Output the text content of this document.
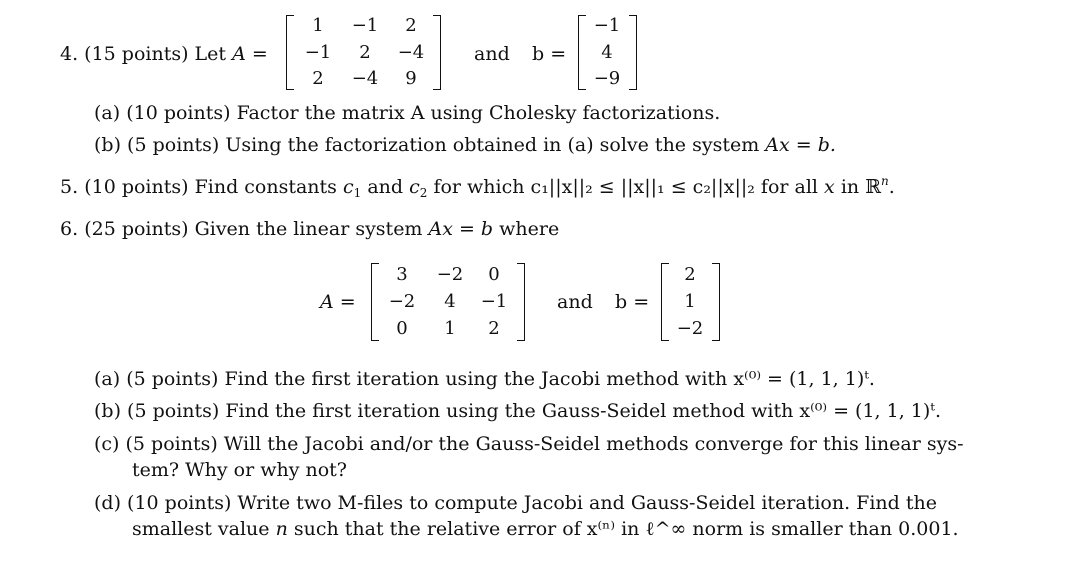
4. (15 points) Let A =
1	−1	2
−1	2	−4
2	−4	9
and b =
−1
4
−9
(a) (10 points) Factor the matrix A using Cholesky factorizations.
(b) (5 points) Using the factorization obtained in (a) solve the system Ax = b.
5. (10 points) Find constants $c_1$ and $c_2$ for which c₁||x||₂ ≤ ||x||₁ ≤ c₂||x||₂ for all x in ℝ$^n$.
6. (25 points) Given the linear system Ax = b where
A =
3	−2	0
−2	4	−1
0	1	2
and b =
2
1
−2
(a) (5 points) Find the first iteration using the Jacobi method with x⁽⁰⁾ = (1, 1, 1)ᵗ.
(b) (5 points) Find the first iteration using the Gauss-Seidel method with x⁽⁰⁾ = (1, 1, 1)ᵗ.
(c) (5 points) Will the Jacobi and/or the Gauss-Seidel methods converge for this linear sys-
tem? Why or why not?
(d) (10 points) Write two M-files to compute Jacobi and Gauss-Seidel iteration. Find the
smallest value n such that the relative error of x⁽ⁿ⁾ in ℓ^∞ norm is smaller than 0.001.
